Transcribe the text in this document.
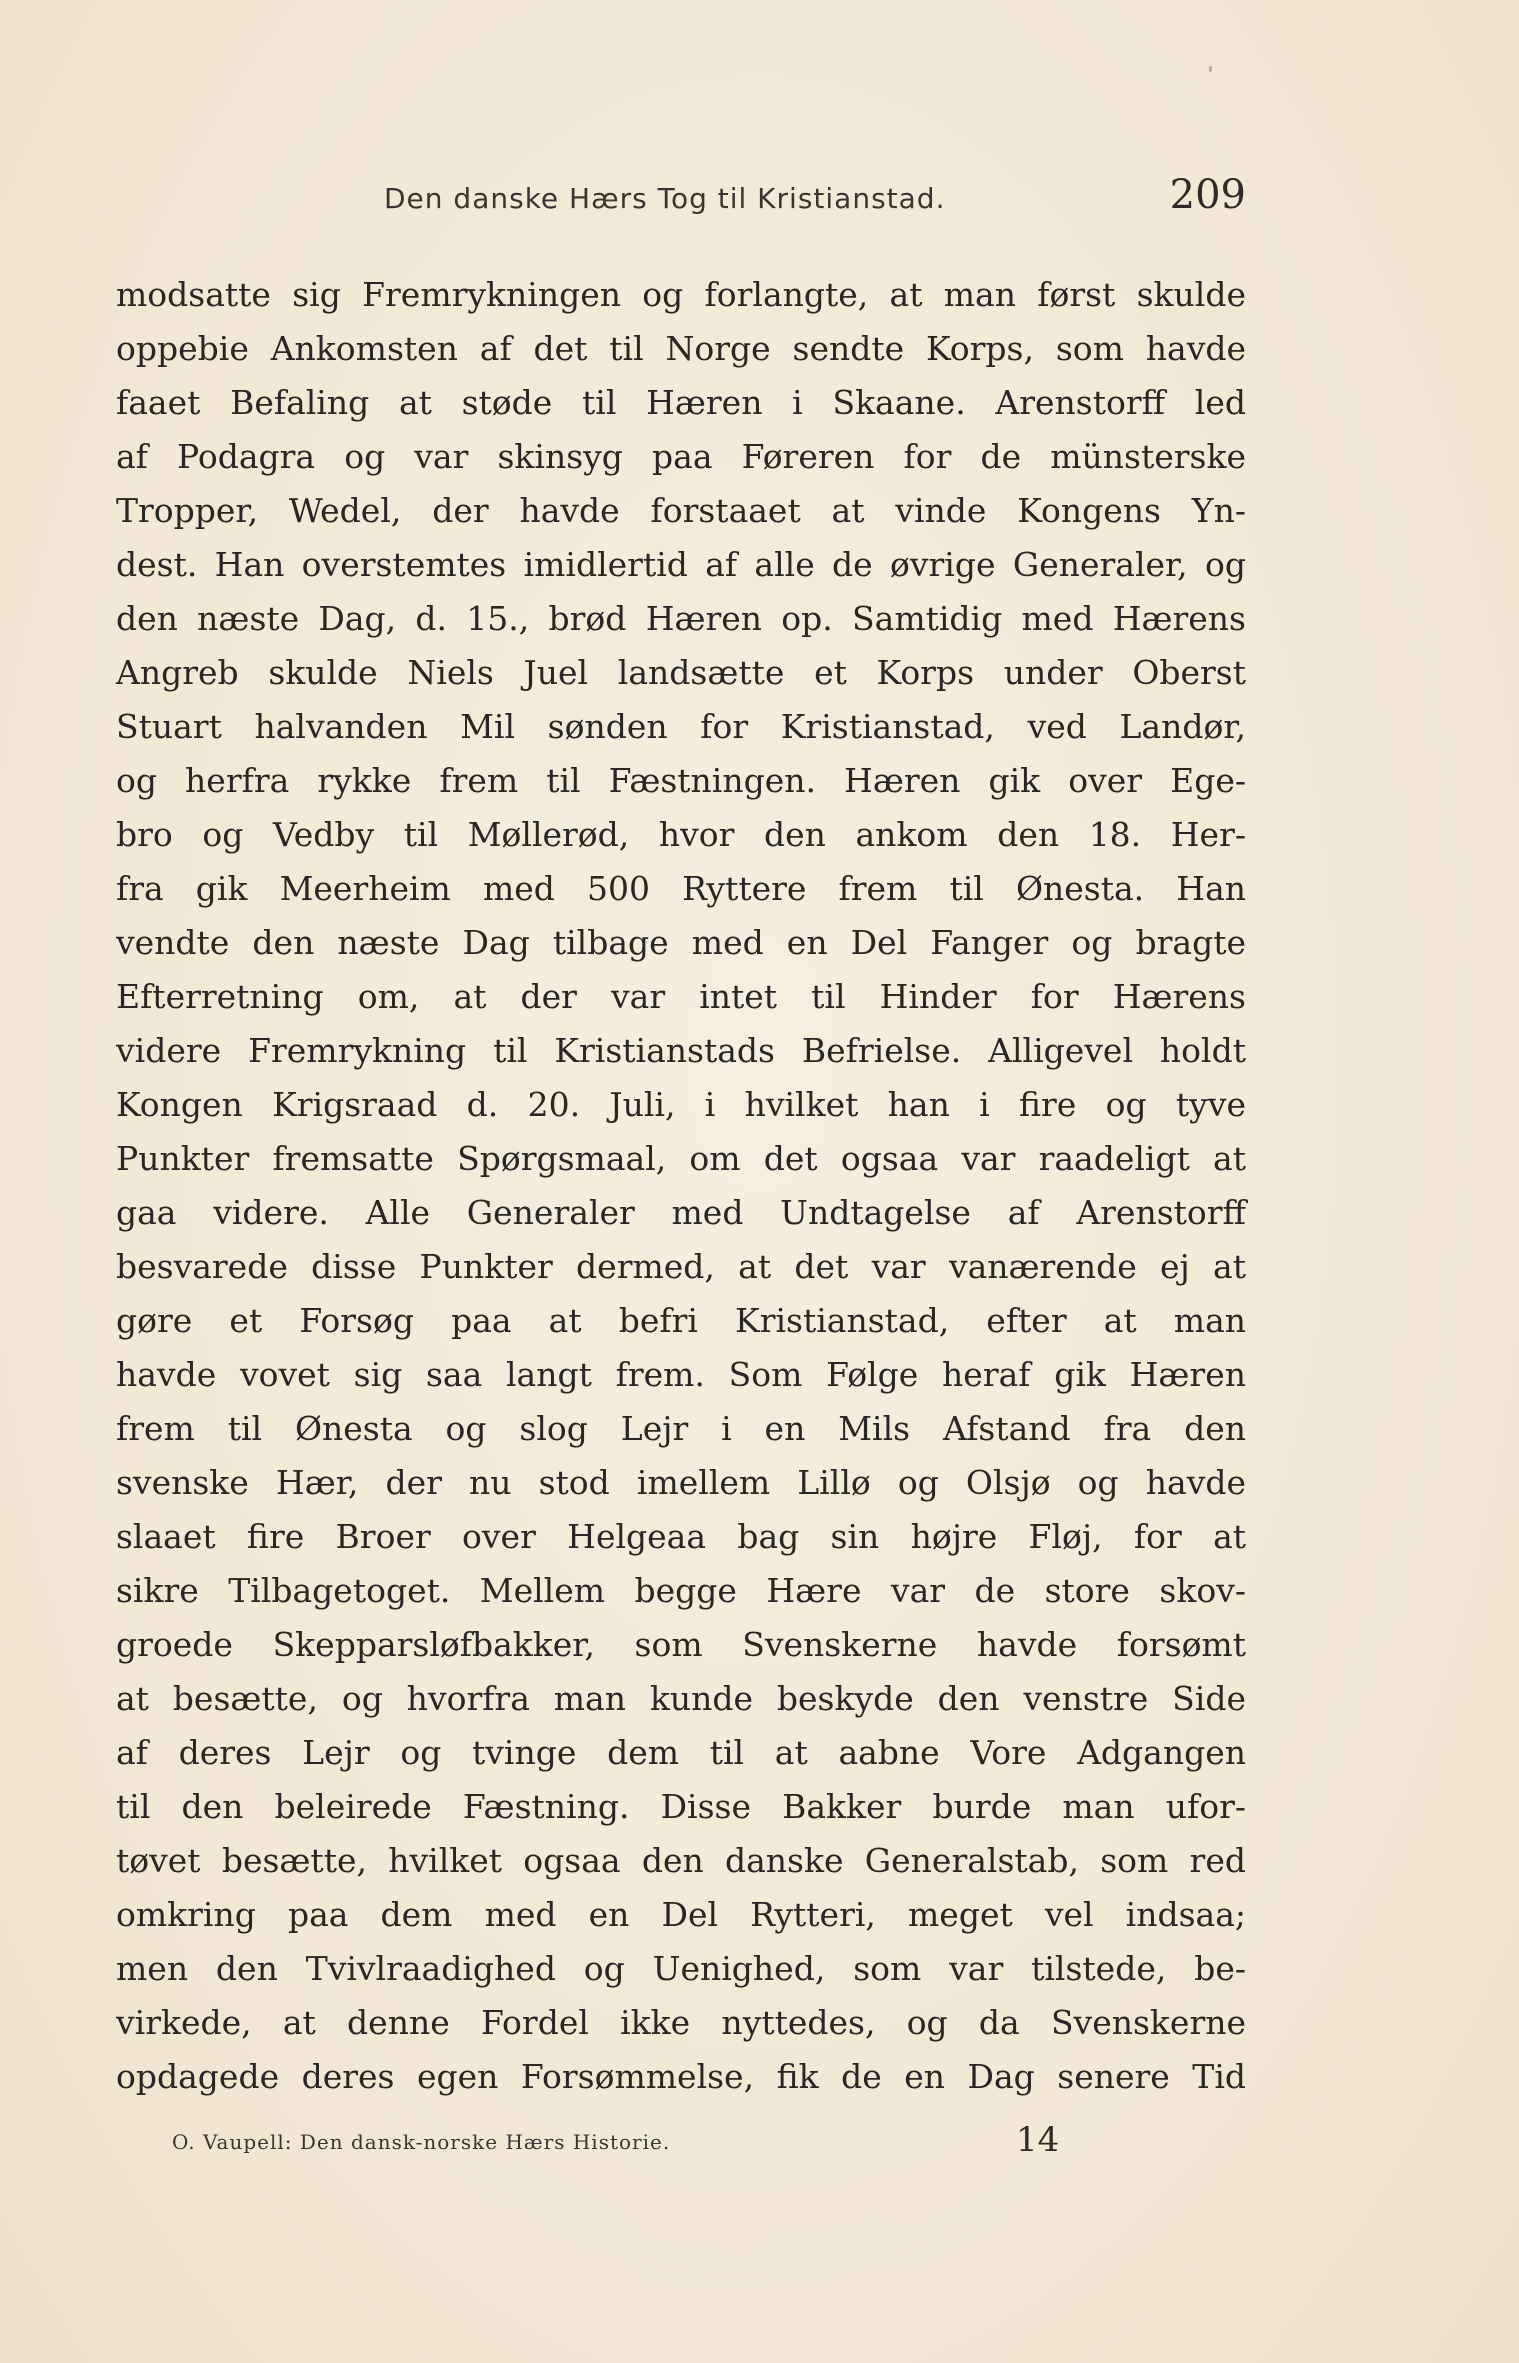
Den danske Hærs Tog til Kristianstad.	209
modsatte sig Fremrykningen og forlangte, at man først skulde
oppebie Ankomsten af det til Norge sendte Korps, som havde
faaet Befaling at støde til Hæren i Skaane. Arenstorff led
af Podagra og var skinsyg paa Føreren for de münsterske
Tropper, Wedel, der havde forstaaet at vinde Kongens Yn-
dest. Han overstemtes imidlertid af alle de øvrige Generaler, og
den næste Dag, d. 15., brød Hæren op. Samtidig med Hærens
Angreb skulde Niels Juel landsætte et Korps under Oberst
Stuart halvanden Mil sønden for Kristianstad, ved Landør,
og herfra rykke frem til Fæstningen. Hæren gik over Ege-
bro og Vedby til Møllerød, hvor den ankom den 18. Her-
fra gik Meerheim med 500 Ryttere frem til Ønesta. Han
vendte den næste Dag tilbage med en Del Fanger og bragte
Efterretning om, at der var intet til Hinder for Hærens
videre Fremrykning til Kristianstads Befrielse. Alligevel holdt
Kongen Krigsraad d. 20. Juli, i hvilket han i fire og tyve
Punkter fremsatte Spørgsmaal, om det ogsaa var raadeligt at
gaa videre. Alle Generaler med Undtagelse af Arenstorff
besvarede disse Punkter dermed, at det var vanærende ej at
gøre et Forsøg paa at befri Kristianstad, efter at man
havde vovet sig saa langt frem. Som Følge heraf gik Hæren
frem til Ønesta og slog Lejr i en Mils Afstand fra den
svenske Hær, der nu stod imellem Lillø og Olsjø og havde
slaaet fire Broer over Helgeaa bag sin højre Fløj, for at
sikre Tilbagetoget. Mellem begge Hære var de store skov-
groede Skepparsløfbakker, som Svenskerne havde forsømt
at besætte, og hvorfra man kunde beskyde den venstre Side
af deres Lejr og tvinge dem til at aabne Vore Adgangen
til den beleirede Fæstning. Disse Bakker burde man ufor-
tøvet besætte, hvilket ogsaa den danske Generalstab, som red
omkring paa dem med en Del Rytteri, meget vel indsaa;
men den Tvivlraadighed og Uenighed, som var tilstede, be-
virkede, at denne Fordel ikke nyttedes, og da Svenskerne
opdagede deres egen Forsømmelse, fik de en Dag senere Tid
O. Vaupell: Den dansk-norske Hærs Historie.	14
